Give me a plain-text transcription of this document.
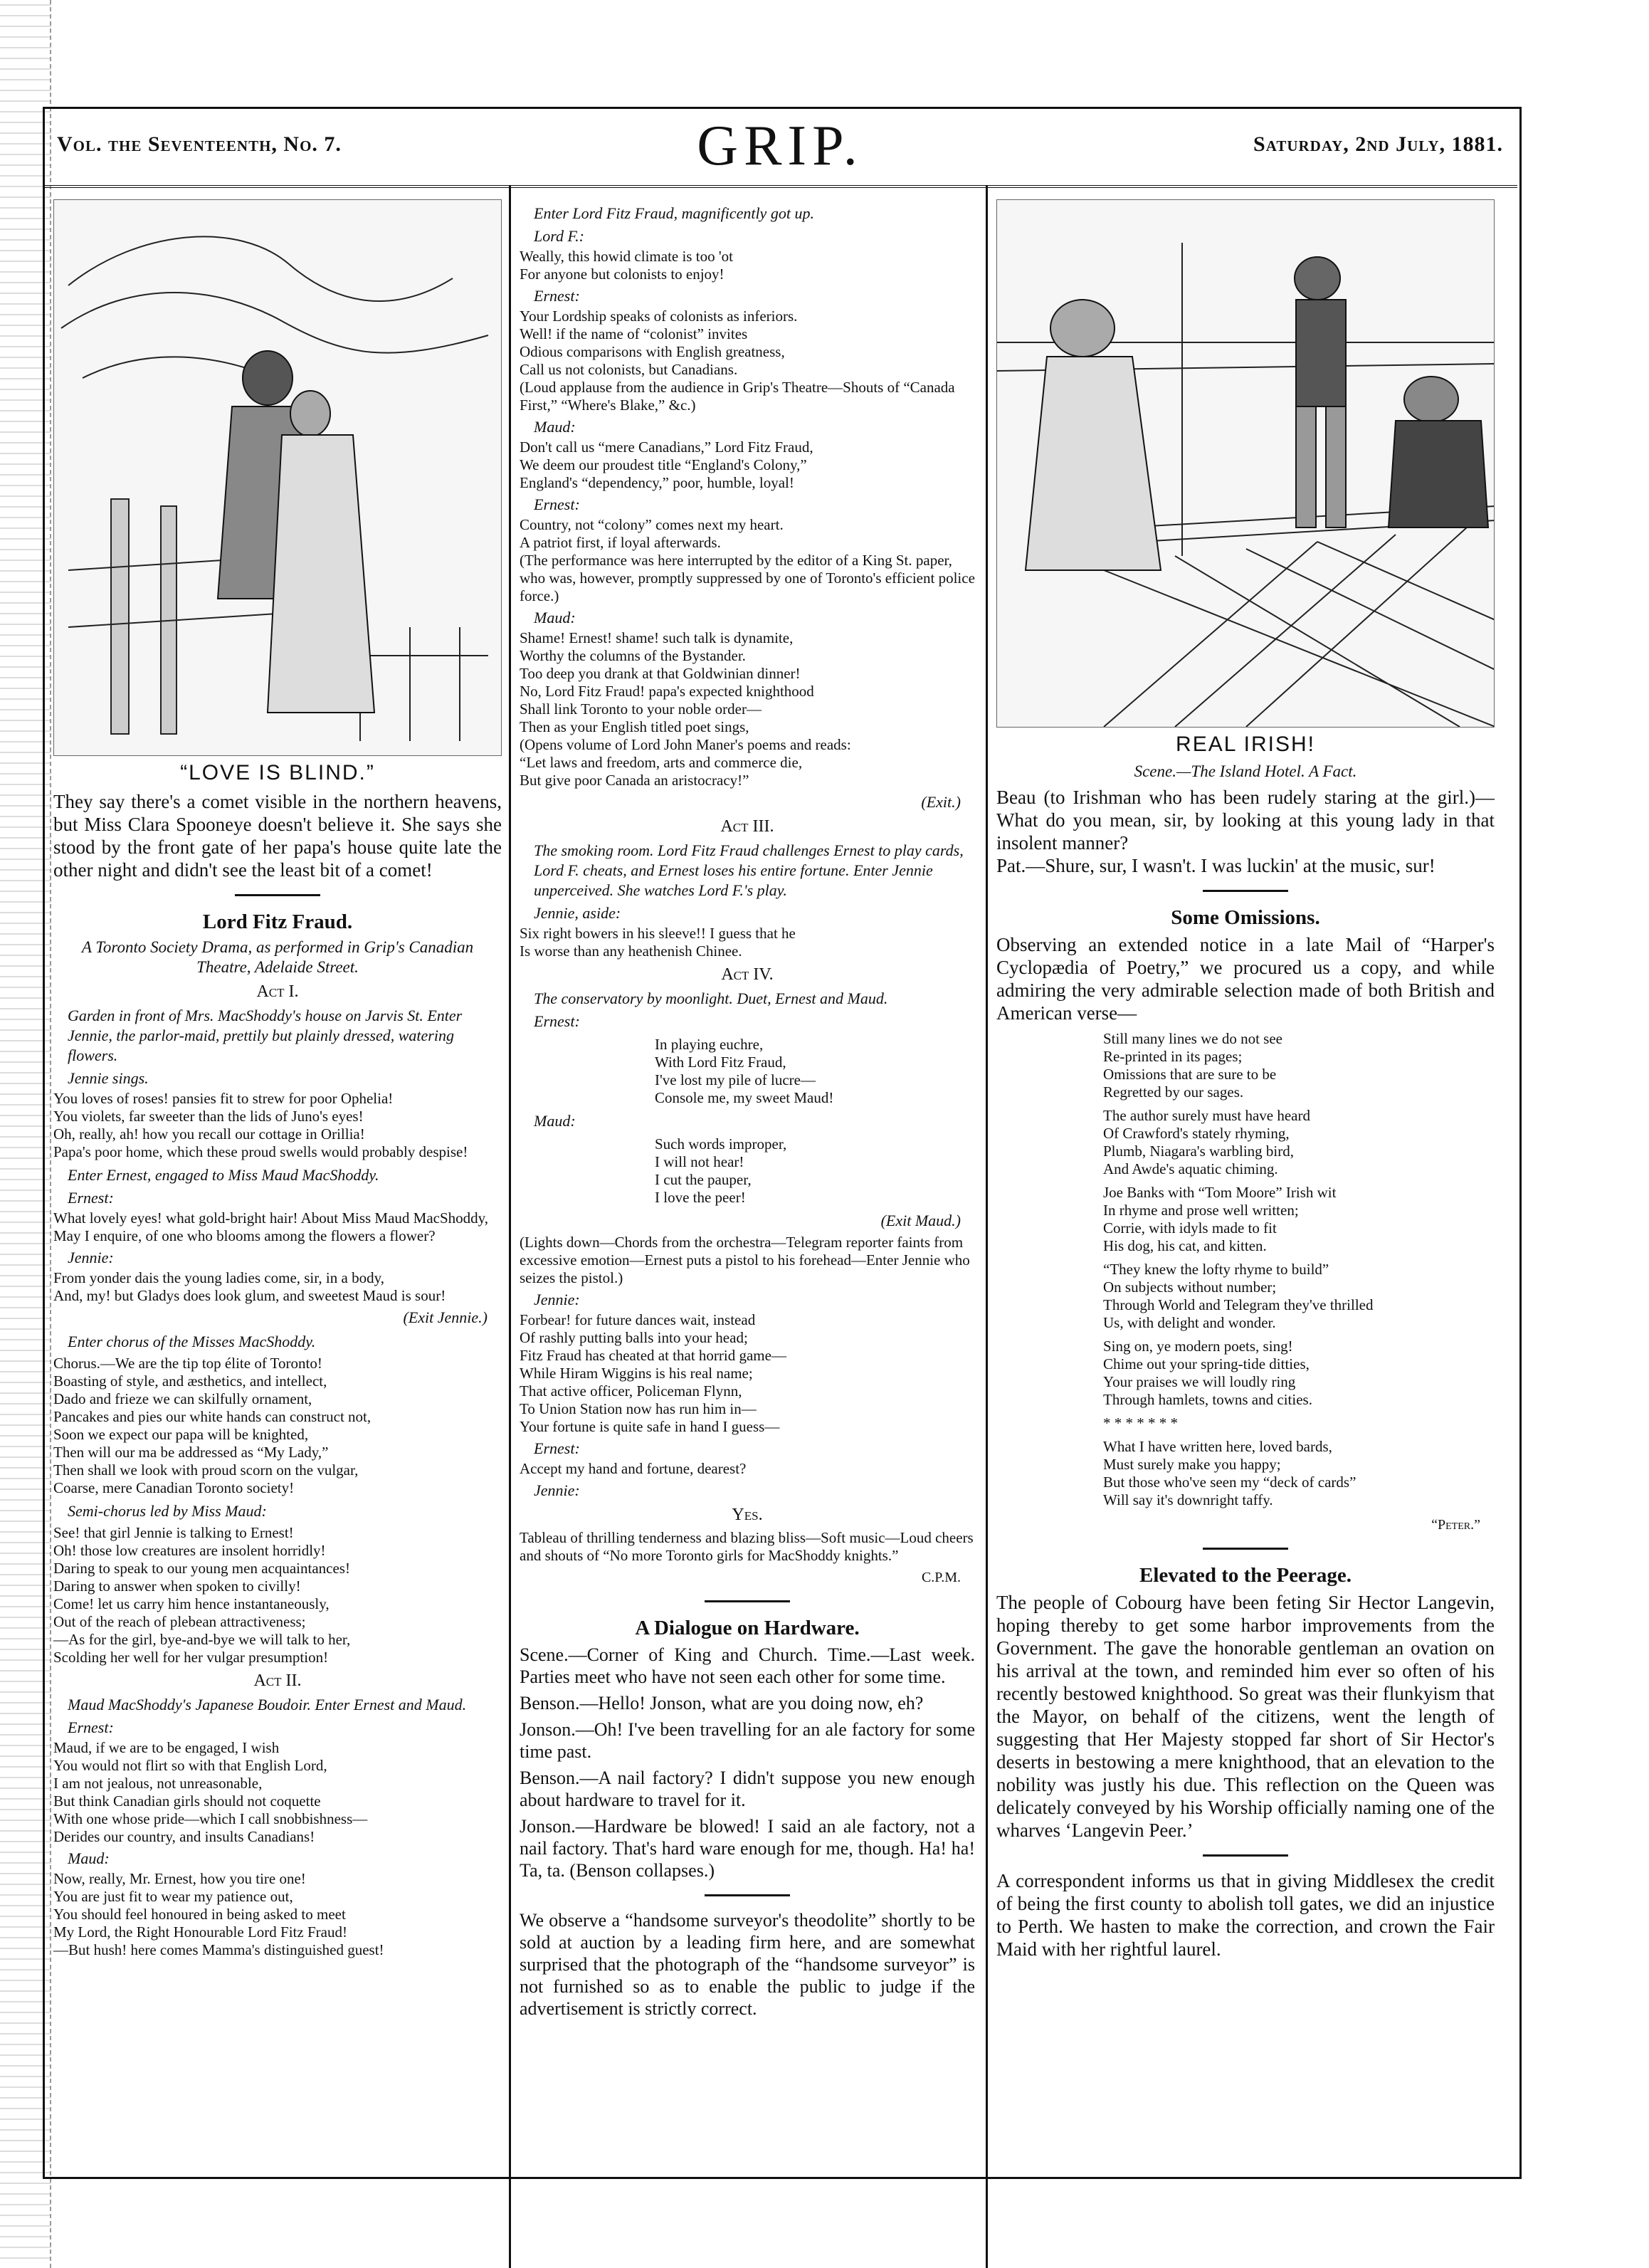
Vol. the Seventeenth, No. 7.	GRIP.	Saturday, 2nd July, 1881.
“LOVE IS BLIND.”

They say there's a comet visible in the northern heavens, but Miss Clara Spooneye doesn't believe it. She says she stood by the front gate of her papa's house quite late the other night and didn't see the least bit of a comet!

Lord Fitz Fraud.
A Toronto Society Drama, as performed in Grip's Canadian Theatre, Adelaide Street.
Act I.
Garden in front of Mrs. MacShoddy's house on Jarvis St. Enter Jennie, the parlor-maid, prettily but plainly dressed, watering flowers.
Jennie sings.
You loves of roses! pansies fit to strew for poor Ophelia!
You violets, far sweeter than the lids of Juno's eyes!
Oh, really, ah! how you recall our cottage in Orillia!
Papa's poor home, which these proud swells would probably despise!
Enter Ernest, engaged to Miss Maud MacShoddy.
Ernest:
What lovely eyes! what gold-bright hair! About Miss Maud MacShoddy,
May I enquire, of one who blooms among the flowers a flower?
Jennie:
From yonder dais the young ladies come, sir, in a body,
And, my! but Gladys does look glum, and sweetest Maud is sour!
(Exit Jennie.)
Enter chorus of the Misses MacShoddy.
Chorus.—We are the tip top élite of Toronto!
Boasting of style, and æsthetics, and intellect,
Dado and frieze we can skilfully ornament,
Pancakes and pies our white hands can construct not,
Soon we expect our papa will be knighted,
Then will our ma be addressed as “My Lady,”
Then shall we look with proud scorn on the vulgar,
Coarse, mere Canadian Toronto society!
Semi-chorus led by Miss Maud:
See! that girl Jennie is talking to Ernest!
Oh! those low creatures are insolent horridly!
Daring to speak to our young men acquaintances!
Daring to answer when spoken to civilly!
Come! let us carry him hence instantaneously,
Out of the reach of plebean attractiveness;
—As for the girl, bye-and-bye we will talk to her,
Scolding her well for her vulgar presumption!
Act II.
Maud MacShoddy's Japanese Boudoir. Enter Ernest and Maud.
Ernest:
Maud, if we are to be engaged, I wish
You would not flirt so with that English Lord,
I am not jealous, not unreasonable,
But think Canadian girls should not coquette
With one whose pride—which I call snobbishness—
Derides our country, and insults Canadians!
Maud:
Now, really, Mr. Ernest, how you tire one!
You are just fit to wear my patience out,
You should feel honoured in being asked to meet
My Lord, the Right Honourable Lord Fitz Fraud!
—But hush! here comes Mamma's distinguished guest!
Enter Lord Fitz Fraud, magnificently got up.
Lord F.:
Weally, this howid climate is too 'ot
For anyone but colonists to enjoy!
Ernest:
Your Lordship speaks of colonists as inferiors.
Well! if the name of “colonist” invites
Odious comparisons with English greatness,
Call us not colonists, but Canadians.
(Loud applause from the audience in Grip's Theatre—Shouts of “Canada First,” “Where's Blake,” &c.)
Maud:
Don't call us “mere Canadians,” Lord Fitz Fraud,
We deem our proudest title “England's Colony,”
England's “dependency,” poor, humble, loyal!
Ernest:
Country, not “colony” comes next my heart.
A patriot first, if loyal afterwards.
(The performance was here interrupted by the editor of a King St. paper, who was, however, promptly suppressed by one of Toronto's efficient police force.)
Maud:
Shame! Ernest! shame! such talk is dynamite,
Worthy the columns of the Bystander.
Too deep you drank at that Goldwinian dinner!
No, Lord Fitz Fraud! papa's expected knighthood
Shall link Toronto to your noble order—
Then as your English titled poet sings,
(Opens volume of Lord John Maner's poems and reads:
“Let laws and freedom, arts and commerce die,
But give poor Canada an aristocracy!”
(Exit.)
Act III.
The smoking room. Lord Fitz Fraud challenges Ernest to play cards, Lord F. cheats, and Ernest loses his entire fortune. Enter Jennie unperceived. She watches Lord F.'s play.
Jennie, aside:
Six right bowers in his sleeve!! I guess that he
Is worse than any heathenish Chinee.
Act IV.
The conservatory by moonlight. Duet, Ernest and Maud.
Ernest:
In playing euchre,
With Lord Fitz Fraud,
I've lost my pile of lucre—
Console me, my sweet Maud!
Maud:
Such words improper,
I will not hear!
I cut the pauper,
I love the peer!
(Exit Maud.)
(Lights down—Chords from the orchestra—Telegram reporter faints from excessive emotion—Ernest puts a pistol to his forehead—Enter Jennie who seizes the pistol.)
Jennie:
Forbear! for future dances wait, instead
Of rashly putting balls into your head;
Fitz Fraud has cheated at that horrid game—
While Hiram Wiggins is his real name;
That active officer, Policeman Flynn,
To Union Station now has run him in—
Your fortune is quite safe in hand I guess—
Ernest:
Accept my hand and fortune, dearest?
Jennie:
Yes.
Tableau of thrilling tenderness and blazing bliss—Soft music—Loud cheers and shouts of “No more Toronto girls for MacShoddy knights.”
C.P.M.
A Dialogue on Hardware.

Scene.—Corner of King and Church. Time.—Last week. Parties meet who have not seen each other for some time.

Benson.—Hello! Jonson, what are you doing now, eh?

Jonson.—Oh! I've been travelling for an ale factory for some time past.

Benson.—A nail factory? I didn't suppose you new enough about hardware to travel for it.

Jonson.—Hardware be blowed! I said an ale factory, not a nail factory. That's hard ware enough for me, though. Ha! ha! Ta, ta. (Benson collapses.)

We observe a “handsome surveyor's theodolite” shortly to be sold at auction by a leading firm here, and are somewhat surprised that the photograph of the “handsome surveyor” is not furnished so as to enable the public to judge if the advertisement is strictly correct.

REAL IRISH!
Scene.—The Island Hotel. A Fact.

Beau (to Irishman who has been rudely staring at the girl.)—What do you mean, sir, by looking at this young lady in that insolent manner?

Pat.—Shure, sur, I wasn't. I was luckin' at the music, sur!

Some Omissions.

Observing an extended notice in a late Mail of “Harper's Cyclopædia of Poetry,” we procured us a copy, and while admiring the very admirable selection made of both British and American verse—

Still many lines we do not see
Re-printed in its pages;
Omissions that are sure to be
Regretted by our sages.
The author surely must have heard
Of Crawford's stately rhyming,
Plumb, Niagara's warbling bird,
And Awde's aquatic chiming.
Joe Banks with “Tom Moore” Irish wit
In rhyme and prose well written;
Corrie, with idyls made to fit
His dog, his cat, and kitten.
“They knew the lofty rhyme to build”
On subjects without number;
Through World and Telegram they've thrilled
Us, with delight and wonder.
Sing on, ye modern poets, sing!
Chime out your spring-tide ditties,
Your praises we will loudly ring
Through hamlets, towns and cities.
* * * * * * *
What I have written here, loved bards,
Must surely make you happy;
But those who've seen my “deck of cards”
Will say it's downright taffy.
“Peter.”
Elevated to the Peerage.

The people of Cobourg have been feting Sir Hector Langevin, hoping thereby to get some harbor improvements from the Government. The gave the honorable gentleman an ovation on his arrival at the town, and reminded him ever so often of his recently bestowed knighthood. So great was their flunkyism that the Mayor, on behalf of the citizens, went the length of suggesting that Her Majesty stopped far short of Sir Hector's deserts in bestowing a mere knighthood, that an elevation to the nobility was justly his due. This reflection on the Queen was delicately conveyed by his Worship officially naming one of the wharves ‘Langevin Peer.’

A correspondent informs us that in giving Middlesex the credit of being the first county to abolish toll gates, we did an injustice to Perth. We hasten to make the correction, and crown the Fair Maid with her rightful laurel.
